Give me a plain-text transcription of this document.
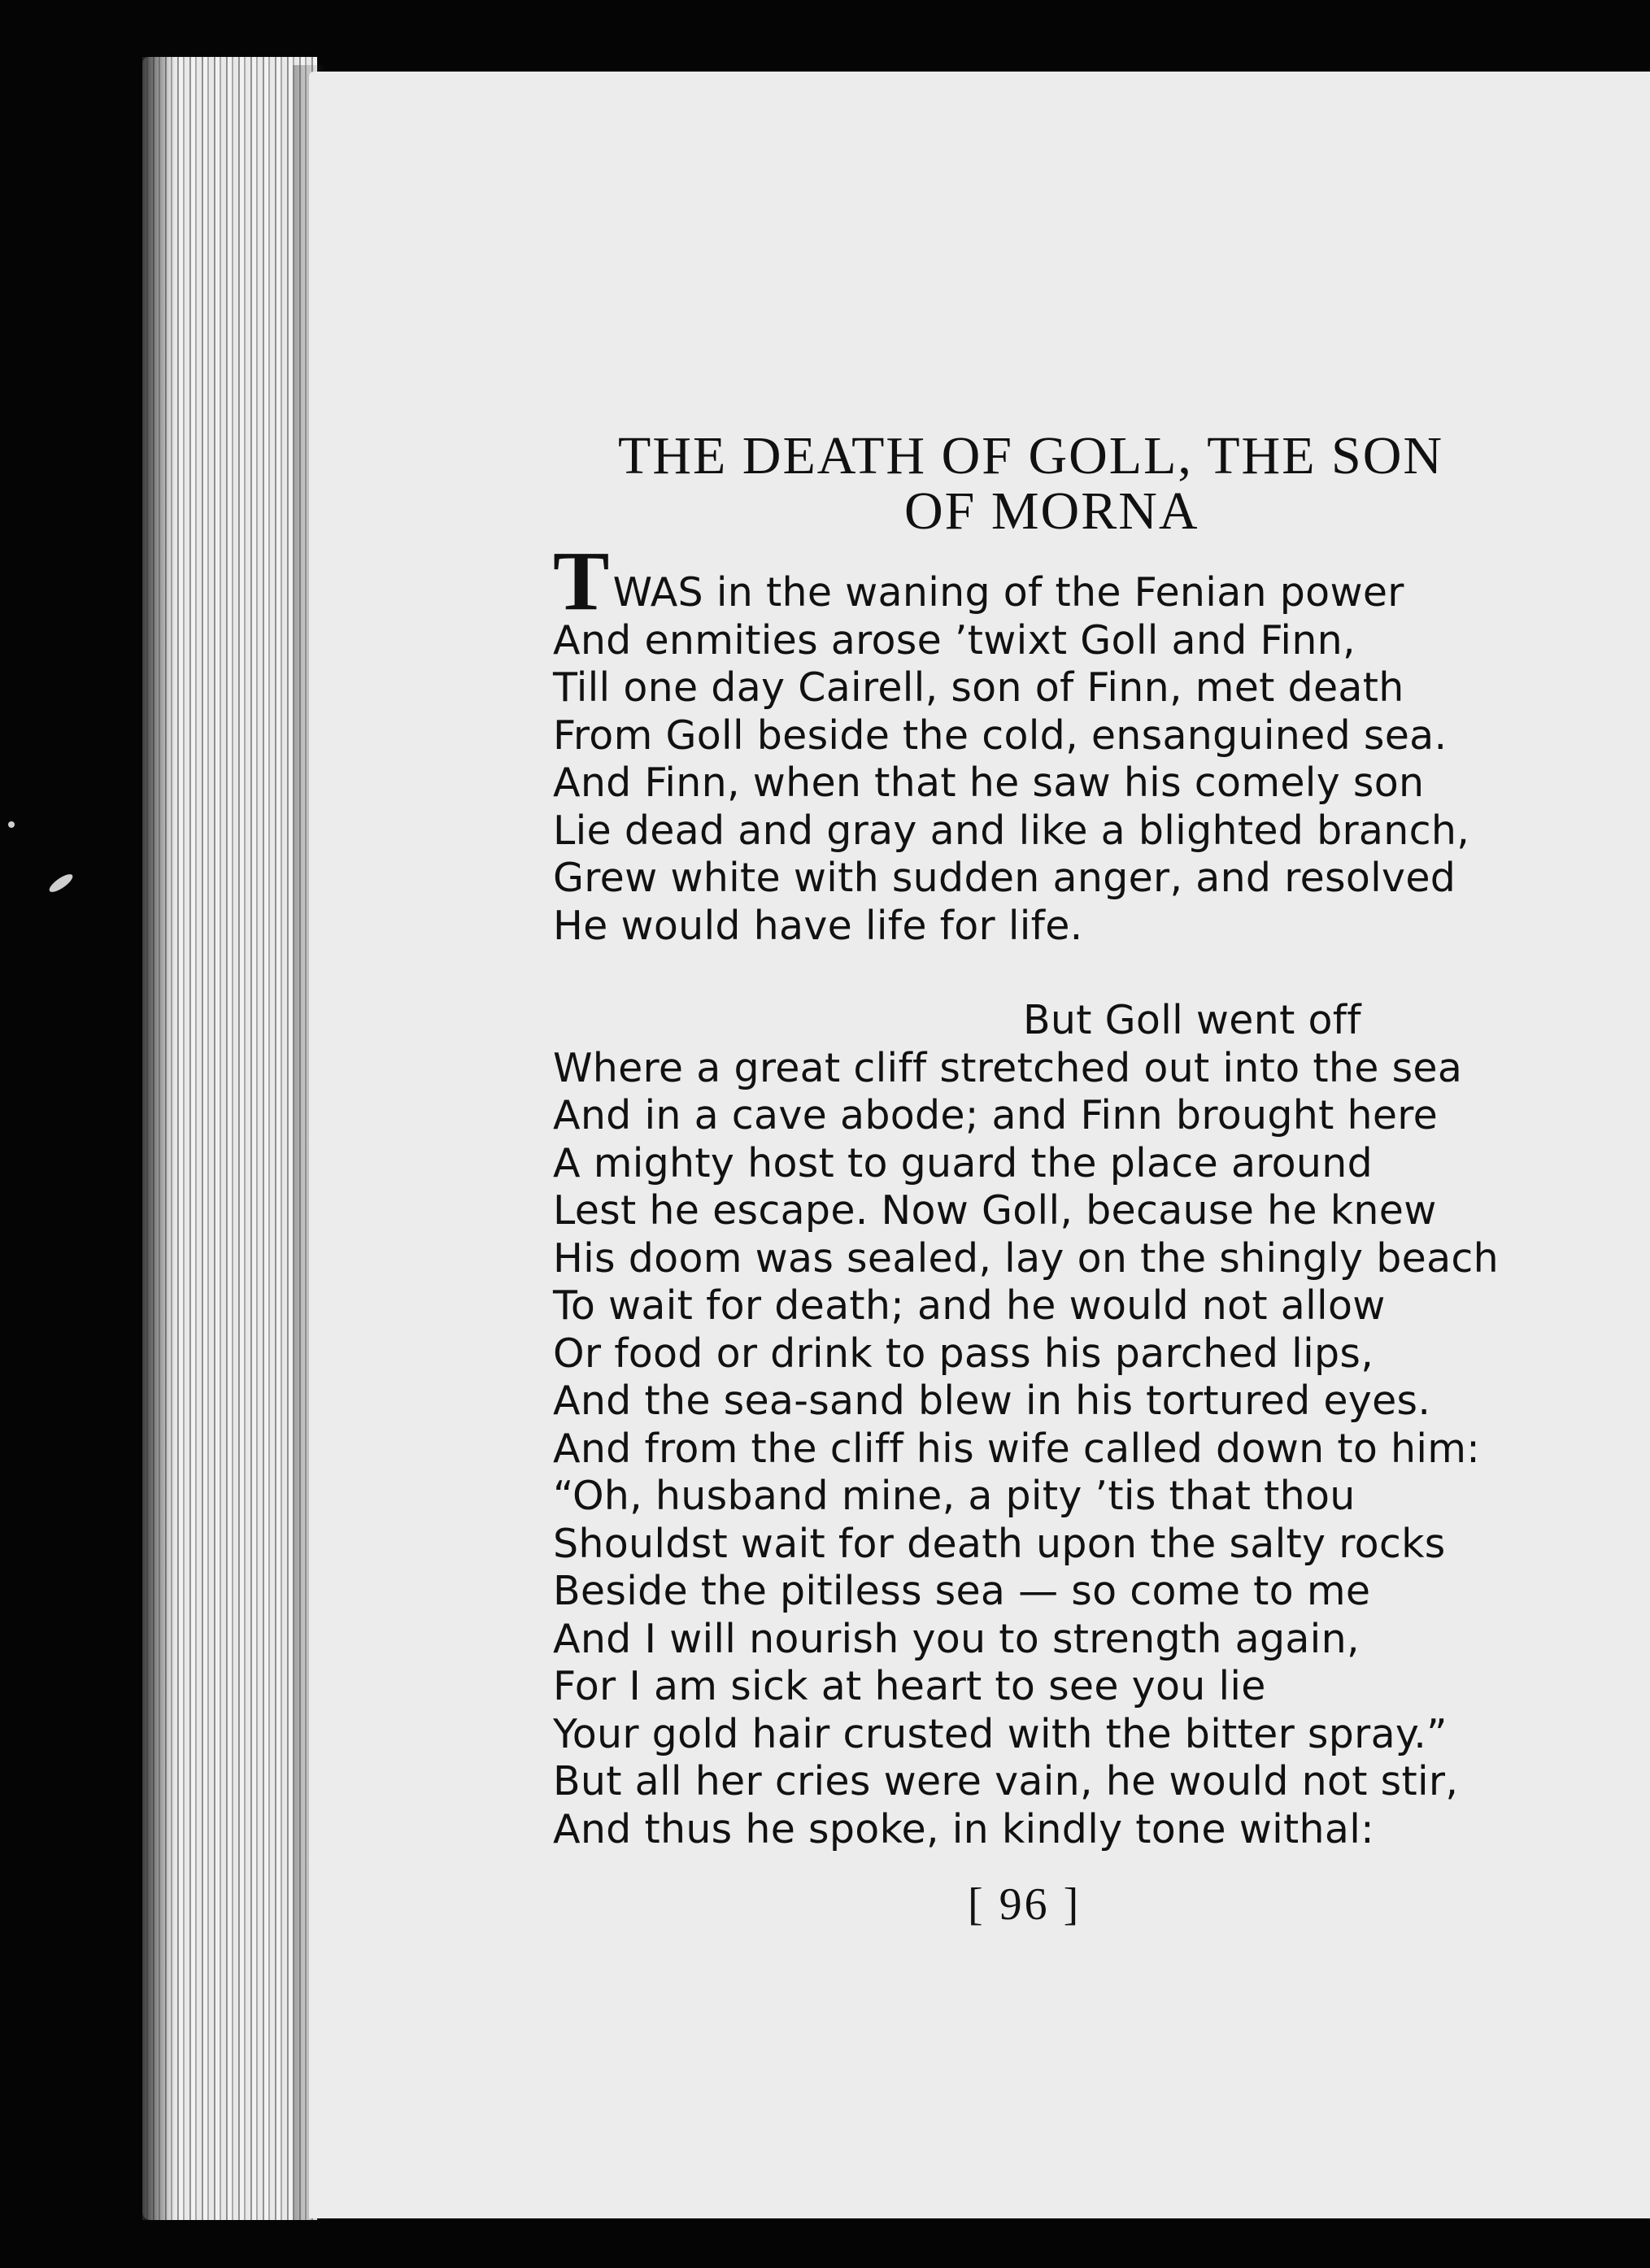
THE DEATH OF GOLL, THE SON
OF MORNA

TWAS in the waning of the Fenian power

And enmities arose ’twixt Goll and Finn,

Till one day Cairell, son of Finn, met death

From Goll beside the cold, ensanguined sea.

And Finn, when that he saw his comely son

Lie dead and gray and like a blighted branch,

Grew white with sudden anger, and resolved

He would have life for life.

But Goll went off

Where a great cliff stretched out into the sea

And in a cave abode; and Finn brought here

A mighty host to guard the place around

Lest he escape. Now Goll, because he knew

His doom was sealed, lay on the shingly beach

To wait for death; and he would not allow

Or food or drink to pass his parched lips,

And the sea-sand blew in his tortured eyes.

And from the cliff his wife called down to him:

“Oh, husband mine, a pity ’tis that thou

Shouldst wait for death upon the salty rocks

Beside the pitiless sea — so come to me

And I will nourish you to strength again,

For I am sick at heart to see you lie

Your gold hair crusted with the bitter spray.”

But all her cries were vain, he would not stir,

And thus he spoke, in kindly tone withal:

[ 96 ]
